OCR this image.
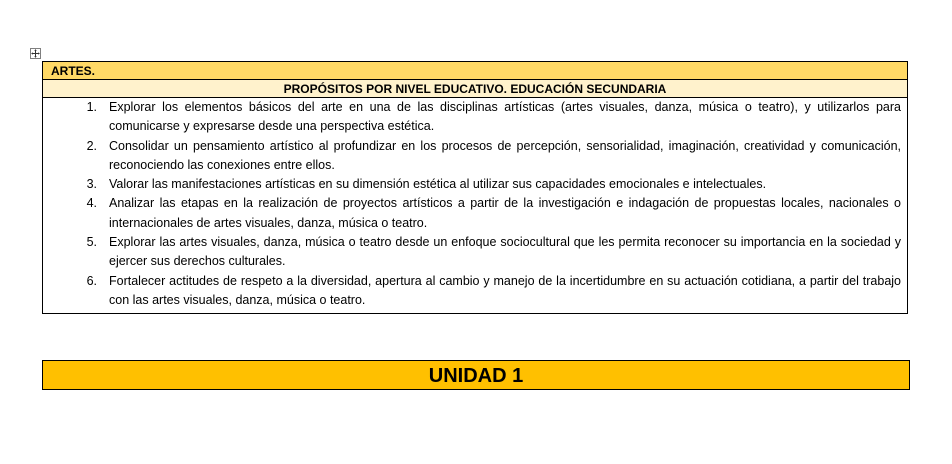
ARTES.
PROPÓSITOS POR NIVEL EDUCATIVO. EDUCACIÓN SECUNDARIA
1. Explorar los elementos básicos del arte en una de las disciplinas artísticas (artes visuales, danza, música o teatro), y utilizarlos para comunicarse y expresarse desde una perspectiva estética.
2. Consolidar un pensamiento artístico al profundizar en los procesos de percepción, sensorialidad, imaginación, creatividad y comunicación, reconociendo las conexiones entre ellos.
3. Valorar las manifestaciones artísticas en su dimensión estética al utilizar sus capacidades emocionales e intelectuales.
4. Analizar las etapas en la realización de proyectos artísticos a partir de la investigación e indagación de propuestas locales, nacionales o internacionales de artes visuales, danza, música o teatro.
5. Explorar las artes visuales, danza, música o teatro desde un enfoque sociocultural que les permita reconocer su importancia en la sociedad y ejercer sus derechos culturales.
6. Fortalecer actitudes de respeto a la diversidad, apertura al cambio y manejo de la incertidumbre en su actuación cotidiana, a partir del trabajo con las artes visuales, danza, música o teatro.
UNIDAD 1
